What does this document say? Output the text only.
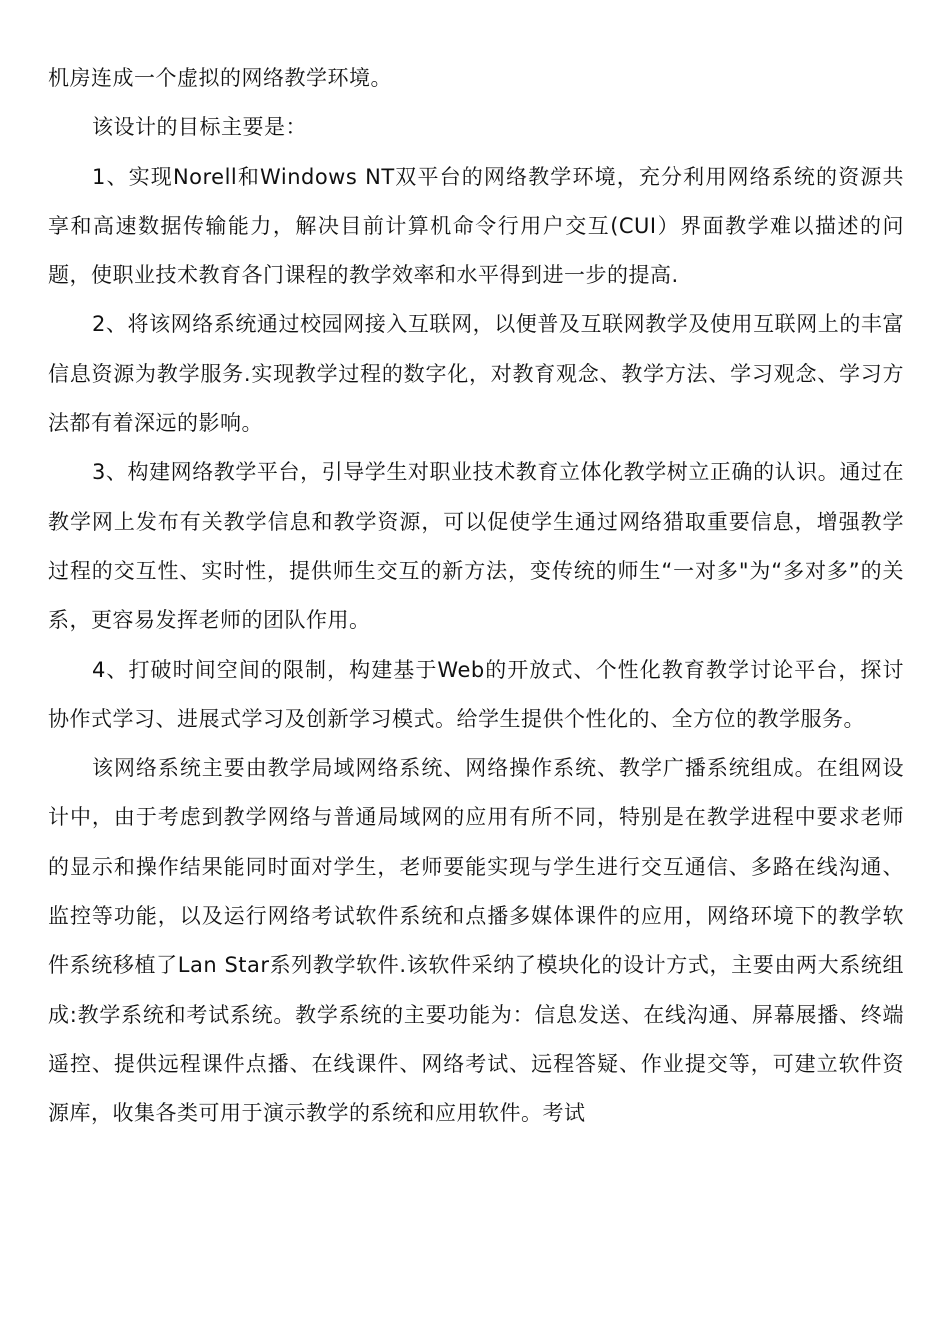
机房连成一个虚拟的网络教学环境。

该设计的目标主要是：

1、实现Norell和Windows NT双平台的网络教学环境，充分利用网络系统的资源共享和高速数据传输能力，解决目前计算机命令行用户交互(CUI）界面教学难以描述的问题，使职业技术教育各门课程的教学效率和水平得到进一步的提高.

2、将该网络系统通过校园网接入互联网，以便普及互联网教学及使用互联网上的丰富信息资源为教学服务.实现教学过程的数字化，对教育观念、教学方法、学习观念、学习方法都有着深远的影响。

3、构建网络教学平台，引导学生对职业技术教育立体化教学树立正确的认识。通过在教学网上发布有关教学信息和教学资源，可以促使学生通过网络猎取重要信息，增强教学过程的交互性、实时性，提供师生交互的新方法，变传统的师生“一对多"为“多对多”的关系，更容易发挥老师的团队作用。

4、打破时间空间的限制，构建基于Web的开放式、个性化教育教学讨论平台，探讨协作式学习、进展式学习及创新学习模式。给学生提供个性化的、全方位的教学服务。

该网络系统主要由教学局域网络系统、网络操作系统、教学广播系统组成。在组网设计中，由于考虑到教学网络与普通局域网的应用有所不同，特别是在教学进程中要求老师的显示和操作结果能同时面对学生，老师要能实现与学生进行交互通信、多路在线沟通、监控等功能，以及运行网络考试软件系统和点播多媒体课件的应用，网络环境下的教学软件系统移植了Lan Star系列教学软件.该软件采纳了模块化的设计方式，主要由两大系统组成:教学系统和考试系统。教学系统的主要功能为：信息发送、在线沟通、屏幕展播、终端遥控、提供远程课件点播、在线课件、网络考试、远程答疑、作业提交等，可建立软件资源库，收集各类可用于演示教学的系统和应用软件。考试
